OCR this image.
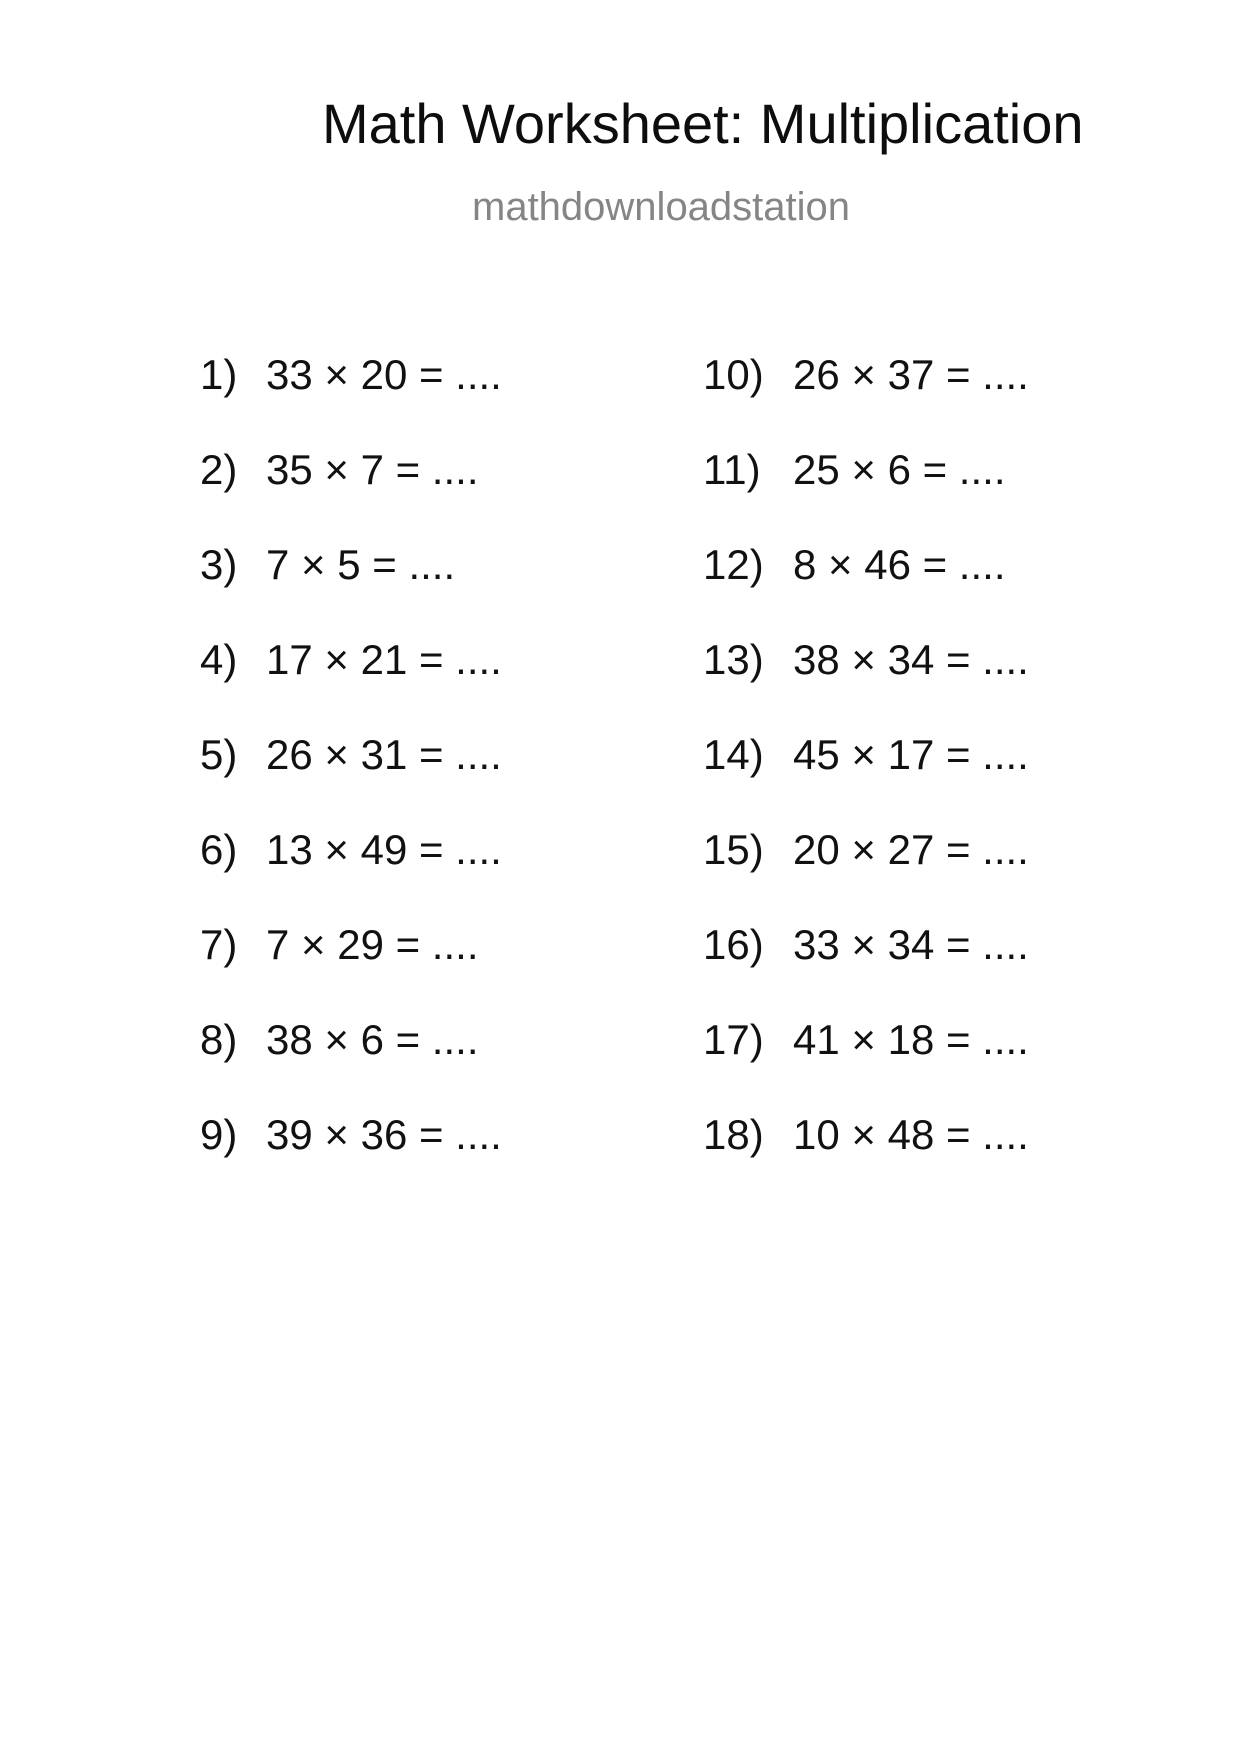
Math Worksheet: Multiplication
mathdownloadstation
1) 33 × 20 = ....
2) 35 × 7 = ....
3) 7 × 5 = ....
4) 17 × 21 = ....
5) 26 × 31 = ....
6) 13 × 49 = ....
7) 7 × 29 = ....
8) 38 × 6 = ....
9) 39 × 36 = ....
10) 26 × 37 = ....
11) 25 × 6 = ....
12) 8 × 46 = ....
13) 38 × 34 = ....
14) 45 × 17 = ....
15) 20 × 27 = ....
16) 33 × 34 = ....
17) 41 × 18 = ....
18) 10 × 48 = ....
